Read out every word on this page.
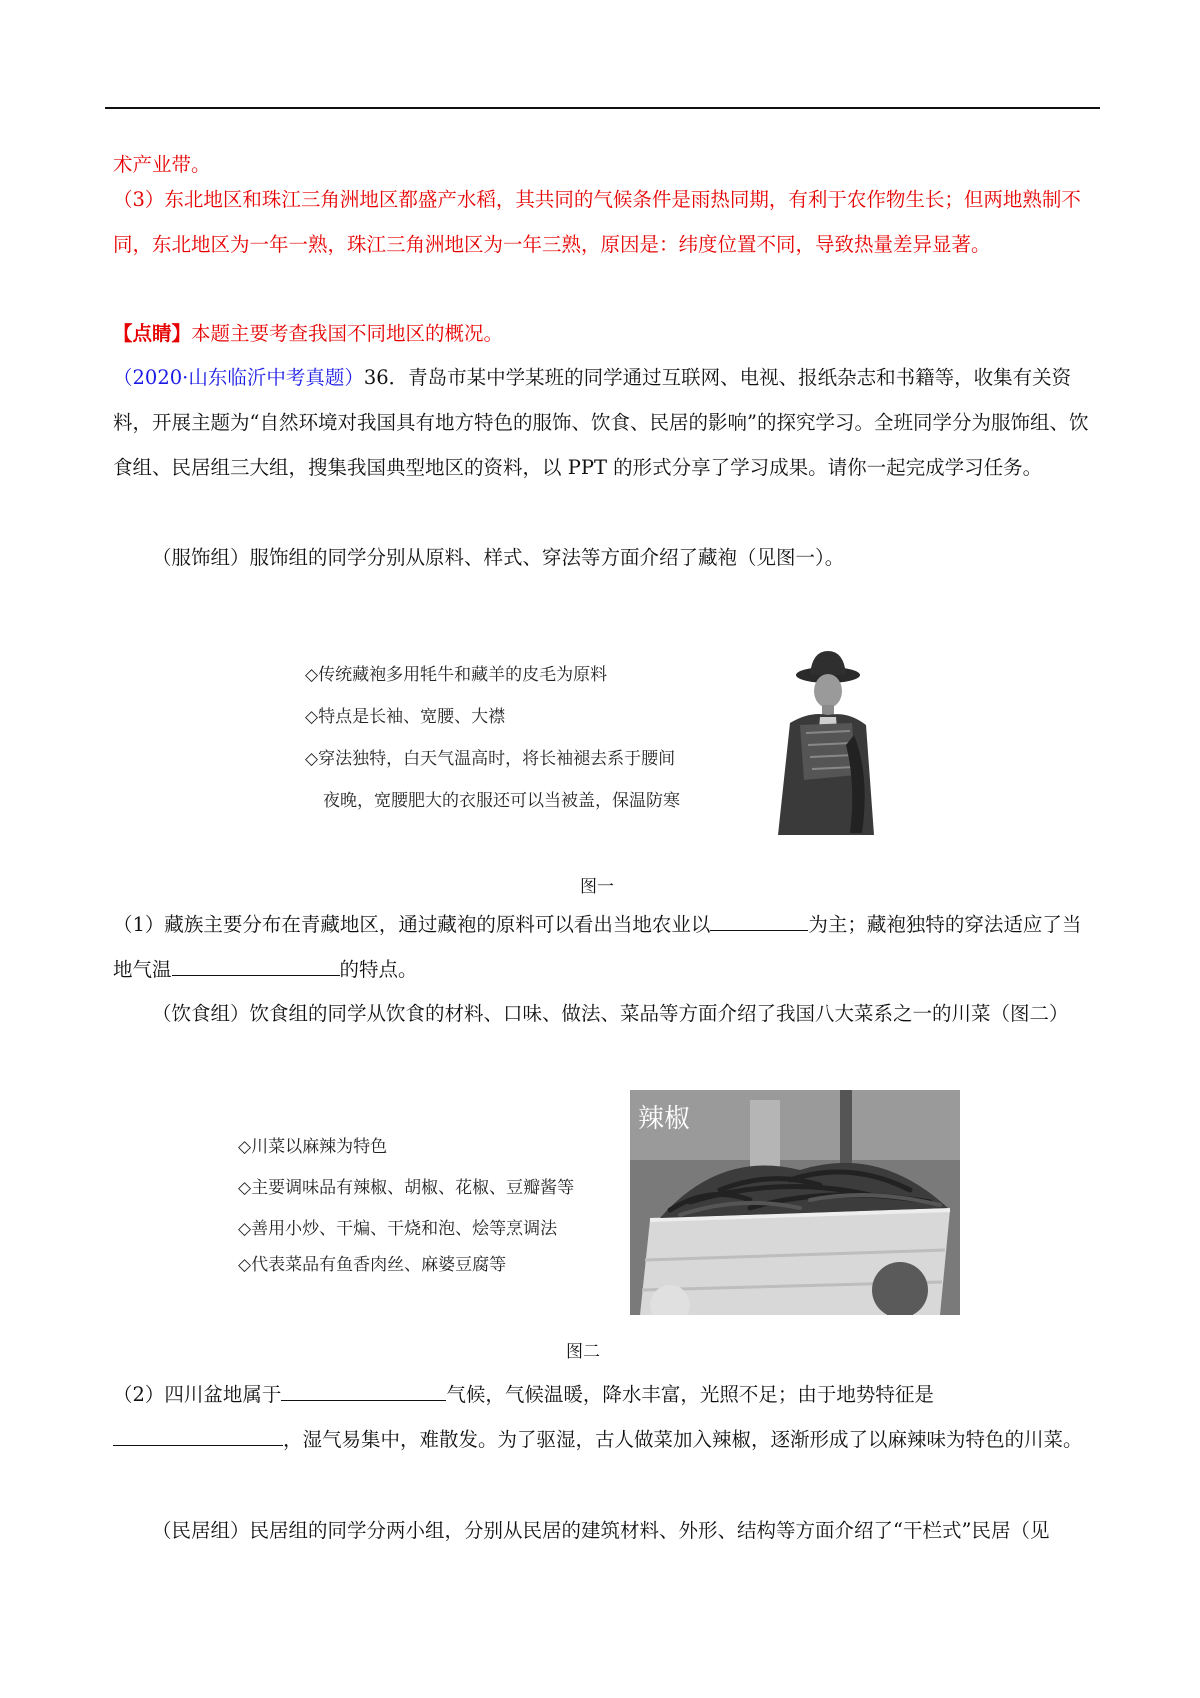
术产业带。

（3）东北地区和珠江三角洲地区都盛产水稻，其共同的气候条件是雨热同期，有利于农作物生长；但两地熟制不同，东北地区为一年一熟，珠江三角洲地区为一年三熟，原因是：纬度位置不同，导致热量差异显著。

【点睛】本题主要考查我国不同地区的概况。

（2020·山东临沂中考真题）36．青岛市某中学某班的同学通过互联网、电视、报纸杂志和书籍等，收集有关资料，开展主题为“自然环境对我国具有地方特色的服饰、饮食、民居的影响”的探究学习。全班同学分为服饰组、饮食组、民居组三大组，搜集我国典型地区的资料，以 PPT 的形式分享了学习成果。请你一起完成学习任务。

（服饰组）服饰组的同学分别从原料、样式、穿法等方面介绍了藏袍（见图一）。

◇传统藏袍多用牦牛和藏羊的皮毛为原料

◇特点是长袖、宽腰、大襟

◇穿法独特，白天气温高时，将长袖褪去系于腰间

夜晚，宽腰肥大的衣服还可以当被盖，保温防寒

图一

（1）藏族主要分布在青藏地区，通过藏袍的原料可以看出当地农业以	为主；藏袍独特的穿法适应了当地气温	的特点。

（饮食组）饮食组的同学从饮食的材料、口味、做法、菜品等方面介绍了我国八大菜系之一的川菜（图二）

◇川菜以麻辣为特色

◇主要调味品有辣椒、胡椒、花椒、豆瓣酱等

◇善用小炒、干煸、干烧和泡、烩等烹调法

◇代表菜品有鱼香肉丝、麻婆豆腐等

辣椒
图二

（2）四川盆地属于	气候，气候温暖，降水丰富，光照不足；由于地势特征是，湿气易集中，难散发。为了驱湿，古人做菜加入辣椒，逐渐形成了以麻辣味为特色的川菜。

（民居组）民居组的同学分两小组，分别从民居的建筑材料、外形、结构等方面介绍了“干栏式”民居（见
